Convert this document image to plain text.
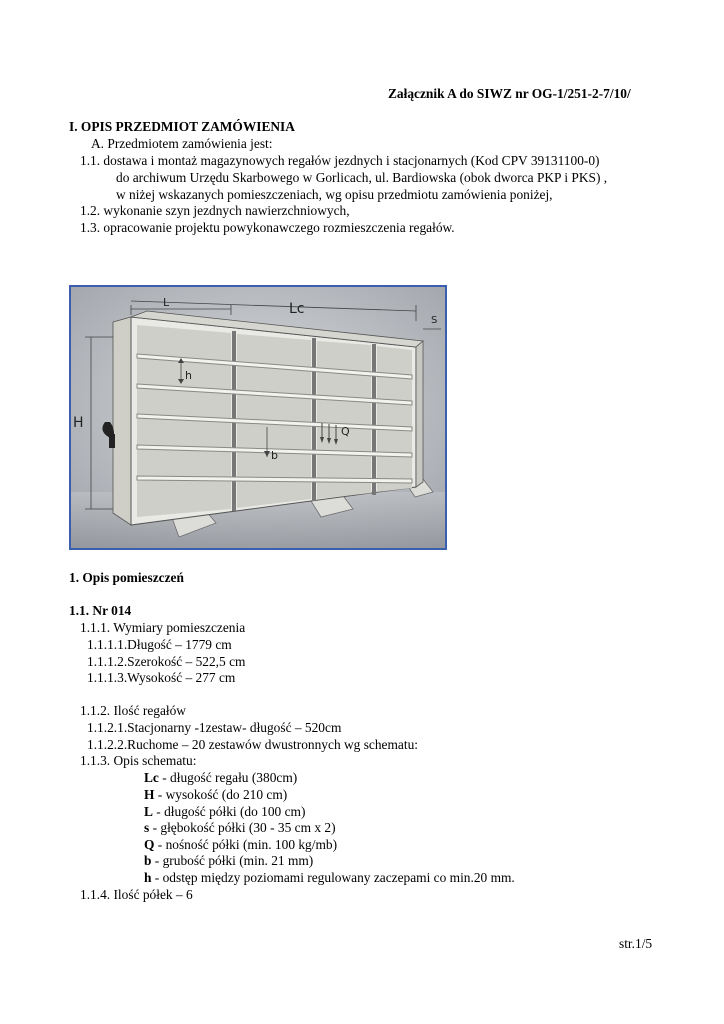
Załącznik A do SIWZ nr OG-1/251-2-7/10/
I. OPIS PRZEDMIOT ZAMÓWIENIA
A. Przedmiotem zamówienia jest:
1.1. dostawa i montaż magazynowych regałów jezdnych i stacjonarnych (Kod CPV 39131100-0)
do archiwum Urzędu Skarbowego w Gorlicach, ul. Bardiowska (obok dworca PKP i PKS) ,
w niżej wskazanych pomieszczeniach, wg opisu przedmiotu zamówienia poniżej,
1.2. wykonanie szyn jezdnych nawierzchniowych,
1.3. opracowanie projektu powykonawczego rozmieszczenia regałów.
L	Lc
S
H
h
b
Q
1. Opis pomieszczeń
1.1. Nr 014
1.1.1. Wymiary pomieszczenia
1.1.1.1.Długość – 1779 cm
1.1.1.2.Szerokość – 522,5 cm
1.1.1.3.Wysokość – 277 cm
1.1.2. Ilość regałów
1.1.2.1.Stacjonarny -1zestaw- długość – 520cm
1.1.2.2.Ruchome – 20 zestawów dwustronnych wg schematu:
1.1.3. Opis schematu:
Lc - długość regału (380cm)
H - wysokość (do 210 cm)
L - długość półki (do 100 cm)
s - głębokość półki (30 - 35 cm x 2)
Q - nośność półki (min. 100 kg/mb)
b - grubość półki (min. 21 mm)
h - odstęp między poziomami regulowany zaczepami co min.20 mm.
1.1.4. Ilość półek – 6
str.1/5
